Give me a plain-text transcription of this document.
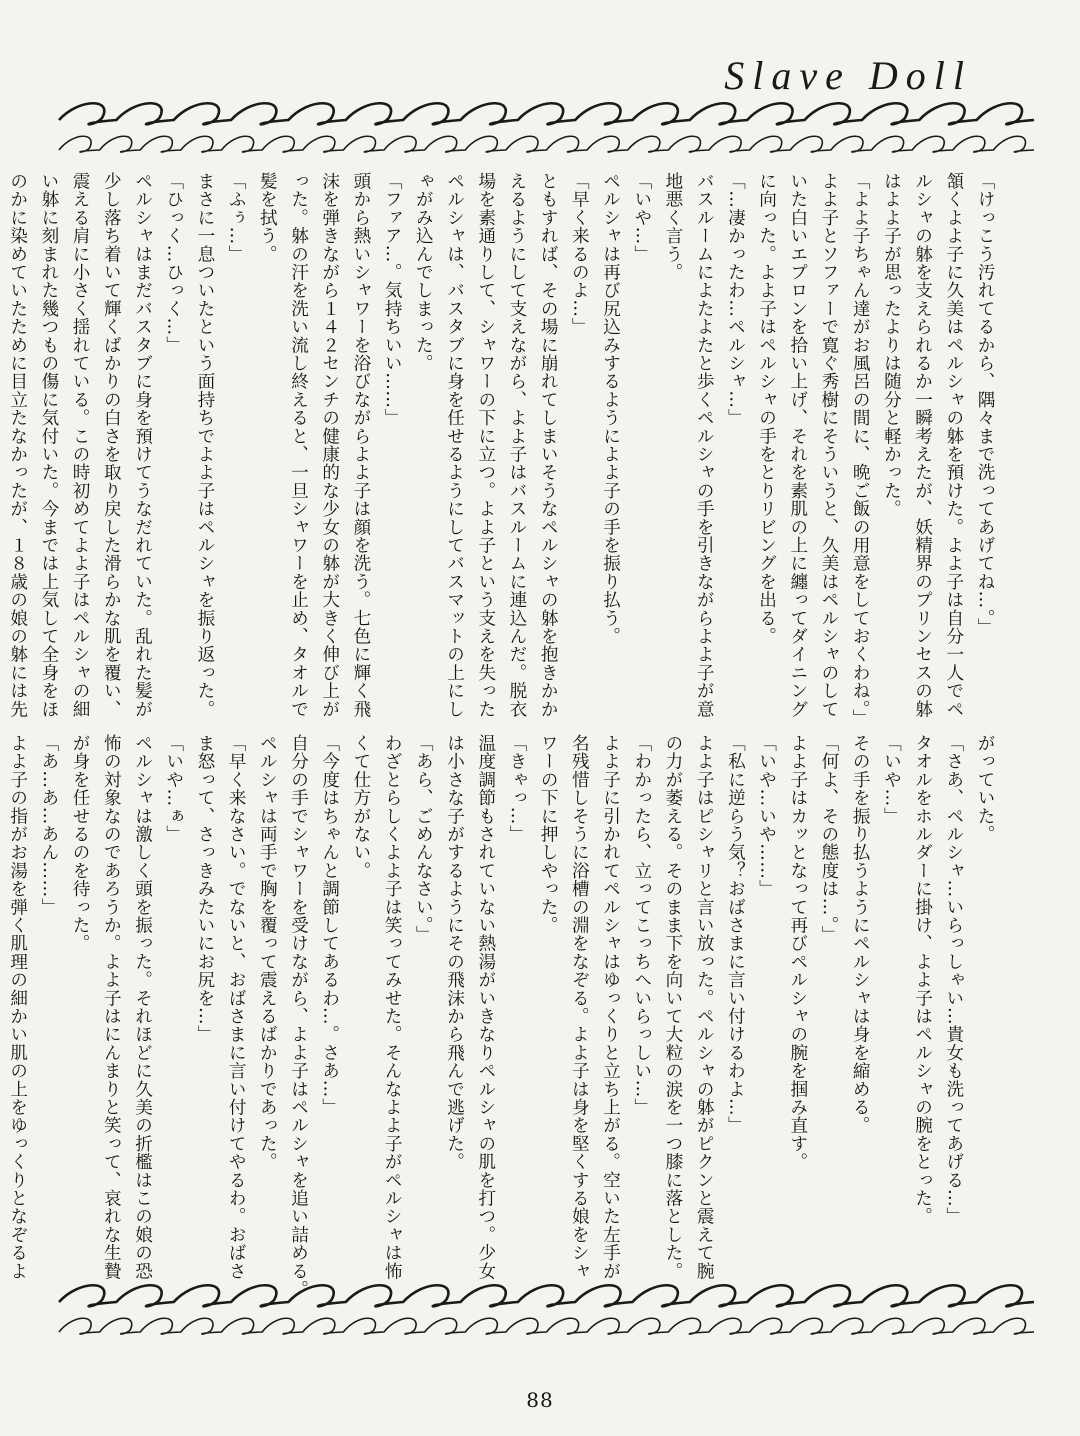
Slave Doll
「けっこう汚れてるから、隅々まで洗ってあげてね…。」
頷くよよ子に久美はペルシャの躰を預けた。よよ子は自分一人でペ
ルシャの躰を支えられるか一瞬考えたが、妖精界のプリンセスの躰
はよよ子が思ったよりは随分と軽かった。
「よよ子ちゃん達がお風呂の間に、晩ご飯の用意をしておくわね。」
よよ子とソファーで寛ぐ秀樹にそういうと、久美はペルシャのして
いた白いエプロンを拾い上げ、それを素肌の上に纏ってダイニング
に向った。よよ子はペルシャの手をとりリビングを出る。
「…凄かったわ…ペルシャ…」
バスルームによたよたと歩くペルシャの手を引きながらよよ子が意
地悪く言う。
「いや…」
ペルシャは再び尻込みするようによよ子の手を振り払う。
「早く来るのよ…」
ともすれば、その場に崩れてしまいそうなペルシャの躰を抱きかか
えるようにして支えながら、よよ子はバスルームに連込んだ。脱衣
場を素通りして、シャワーの下に立つ。よよ子という支えを失った
ペルシャは、バスタブに身を任せるようにしてバスマットの上にし
ゃがみ込んでしまった。
「ファア…。気持ちいい……」
頭から熱いシャワーを浴びながらよよ子は顔を洗う。七色に輝く飛
沫を弾きながら１４２センチの健康的な少女の躰が大きく伸び上が
った。躰の汗を洗い流し終えると、一旦シャワーを止め、タオルで
髪を拭う。
「ふぅ…」
まさに一息ついたという面持ちでよよ子はペルシャを振り返った。
「ひっく…ひっく…」
ペルシャはまだバスタブに身を預けてうなだれていた。乱れた髪が
少し落ち着いて輝くばかりの白さを取り戻した滑らかな肌を覆い、
震える肩に小さく揺れている。この時初めてよよ子はペルシャの細
い躰に刻まれた幾つもの傷に気付いた。今までは上気して全身をほ
のかに染めていたために目立たなかったが、１８歳の娘の躰には先
がっていた。
「さあ、ペルシャ…いらっしゃい…貴女も洗ってあげる…」
タオルをホルダーに掛け、よよ子はペルシャの腕をとった。
「いや…」
その手を振り払うようにペルシャは身を縮める。
「何よ、その態度は…。」
よよ子はカッとなって再びペルシャの腕を掴み直す。
「いや…いや……」
「私に逆らう気？おばさまに言い付けるわよ…」
よよ子はピシャリと言い放った。ペルシャの躰がピクンと震えて腕
の力が萎える。そのまま下を向いて大粒の涙を一つ膝に落とした。
「わかったら、立ってこっちへいらっしい…」
よよ子に引かれてペルシャはゆっくりと立ち上がる。空いた左手が
名残惜しそうに浴槽の淵をなぞる。よよ子は身を堅くする娘をシャ
ワーの下に押しやった。
「きゃっ…」
温度調節もされていない熱湯がいきなりペルシャの肌を打つ。少女
は小さな子がするようにその飛沫から飛んで逃げた。
「あら、ごめんなさい。」
わざとらしくよよ子は笑ってみせた。そんなよよ子がペルシャは怖
くて仕方がない。
「今度はちゃんと調節してあるわ…。さあ…」
自分の手でシャワーを受けながら、よよ子はペルシャを追い詰める。
ペルシャは両手で胸を覆って震えるばかりであった。
「早く来なさい。でないと、おばさまに言い付けてやるわ。おばさ
ま怒って、さっきみたいにお尻を…」
「いや…ぁ」
ペルシャは激しく頭を振った。それほどに久美の折檻はこの娘の恐
怖の対象なのであろうか。よよ子はにんまりと笑って、哀れな生贄
が身を任せるのを待った。
「あ…あ…あん……」
よよ子の指がお湯を弾く肌理の細かい肌の上をゆっくりとなぞるよ
88
